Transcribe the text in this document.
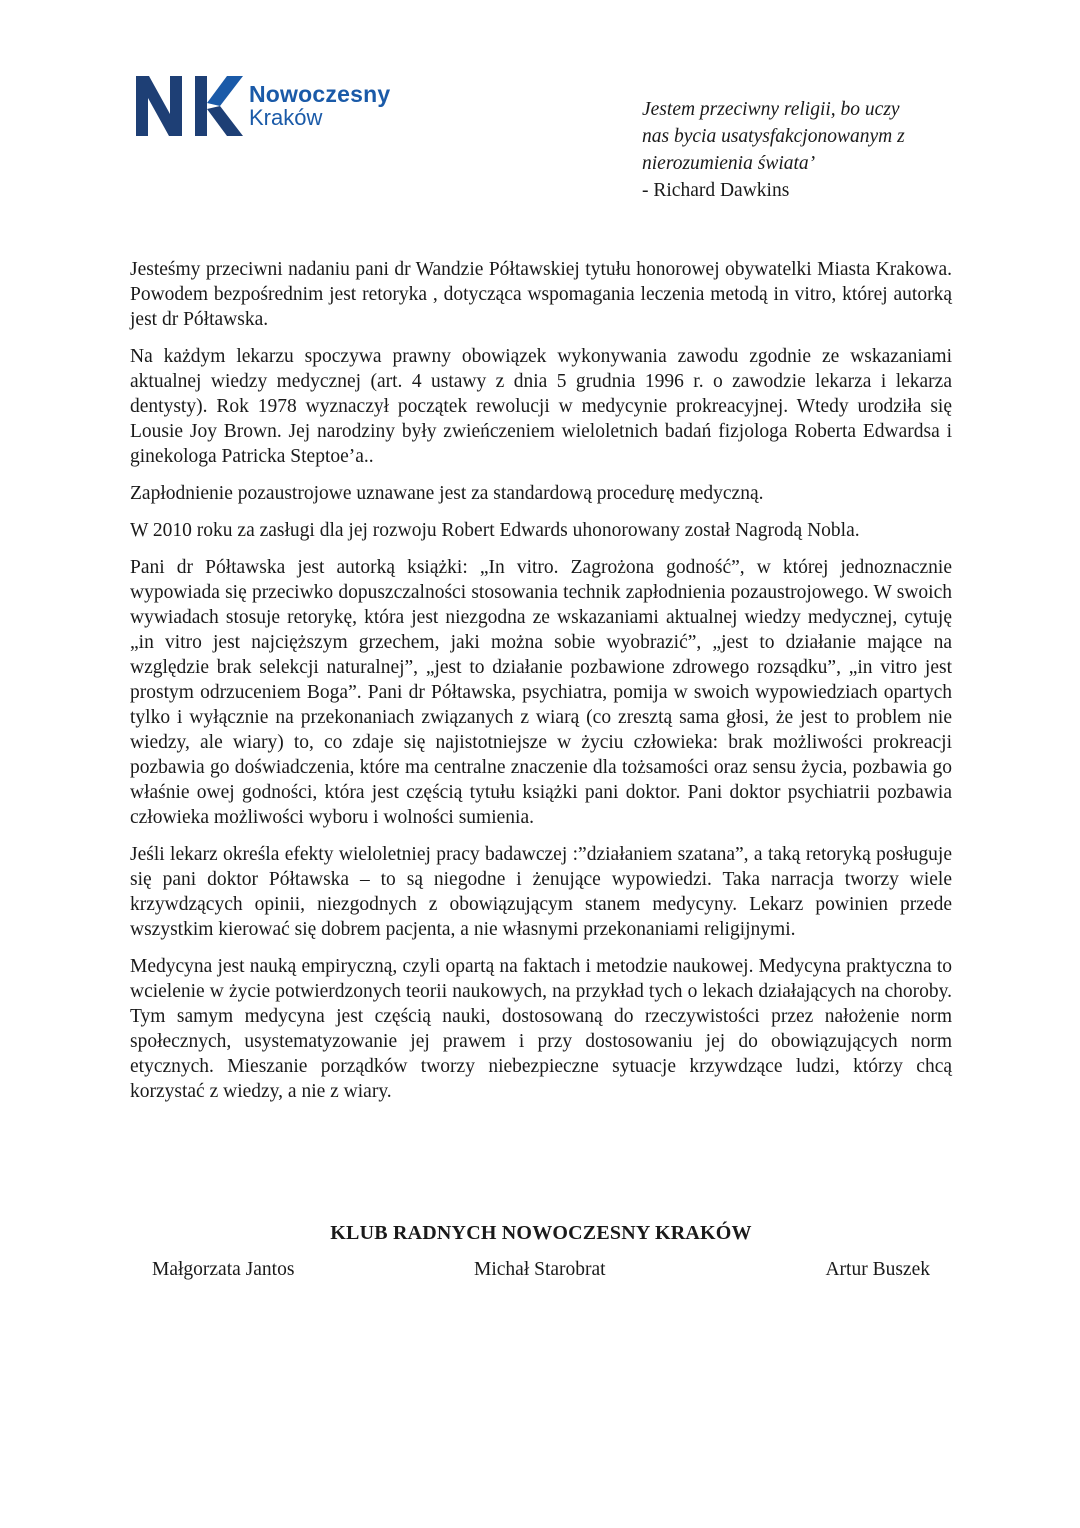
Nowoczesny
Kraków	Jestem przeciwny religii, bo uczy
nas bycia usatysfakcjonowanym z
nierozumienia świata’
- Richard Dawkins

Jesteśmy przeciwni nadaniu pani dr Wandzie Półtawskiej tytułu honorowej obywatelki Miasta Krakowa. Powodem bezpośrednim jest retoryka , dotycząca wspomagania leczenia metodą in vitro, której autorką jest dr Półtawska.

Na każdym lekarzu spoczywa prawny obowiązek wykonywania zawodu zgodnie ze wskazaniami aktualnej wiedzy medycznej (art. 4 ustawy z dnia 5 grudnia 1996 r. o zawodzie lekarza i lekarza dentysty). Rok 1978 wyznaczył początek rewolucji w medycynie prokreacyjnej. Wtedy urodziła się Lousie Joy Brown. Jej narodziny były zwieńczeniem wieloletnich badań fizjologa Roberta Edwardsa i ginekologa Patricka Steptoe’a..

Zapłodnienie pozaustrojowe uznawane jest za standardową procedurę medyczną.

W 2010 roku za zasługi dla jej rozwoju Robert Edwards uhonorowany został Nagrodą Nobla.

Pani dr Półtawska jest autorką książki: „In vitro. Zagrożona godność”, w której jednoznacznie wypowiada się przeciwko dopuszczalności stosowania technik zapłodnienia pozaustrojowego. W swoich wywiadach stosuje retorykę, która jest niezgodna ze wskazaniami aktualnej wiedzy medycznej, cytuję „in vitro jest najcięższym grzechem, jaki można sobie wyobrazić”, „jest to działanie mające na względzie brak selekcji naturalnej”, „jest to działanie pozbawione zdrowego rozsądku”, „in vitro jest prostym odrzuceniem Boga”. Pani dr Półtawska, psychiatra, pomija w swoich wypowiedziach opartych tylko i wyłącznie na przekonaniach związanych z wiarą (co zresztą sama głosi, że jest to problem nie wiedzy, ale wiary) to, co zdaje się najistotniejsze w życiu człowieka: brak możliwości prokreacji pozbawia go doświadczenia, które ma centralne znaczenie dla tożsamości oraz sensu życia, pozbawia go właśnie owej godności, która jest częścią tytułu książki pani doktor. Pani doktor psychiatrii pozbawia człowieka możliwości wyboru i wolności sumienia.

Jeśli lekarz określa efekty wieloletniej pracy badawczej :”działaniem szatana”, a taką retoryką posługuje się pani doktor Półtawska – to są niegodne i żenujące wypowiedzi. Taka narracja tworzy wiele krzywdzących opinii, niezgodnych z obowiązującym stanem medycyny. Lekarz powinien przede wszystkim kierować się dobrem pacjenta, a nie własnymi przekonaniami religijnymi.

Medycyna jest nauką empiryczną, czyli opartą na faktach i metodzie naukowej. Medycyna praktyczna to wcielenie w życie potwierdzonych teorii naukowych, na przykład tych o lekach działających na choroby. Tym samym medycyna jest częścią nauki, dostosowaną do rzeczywistości przez nałożenie norm społecznych, usystematyzowanie jej prawem i przy dostosowaniu jej do obowiązujących norm etycznych. Mieszanie porządków tworzy niebezpieczne sytuacje krzywdzące ludzi, którzy chcą korzystać z wiedzy, a nie z wiary.

KLUB RADNYCH NOWOCZESNY KRAKÓW
Małgorzata Jantos	Michał Starobrat	Artur Buszek
